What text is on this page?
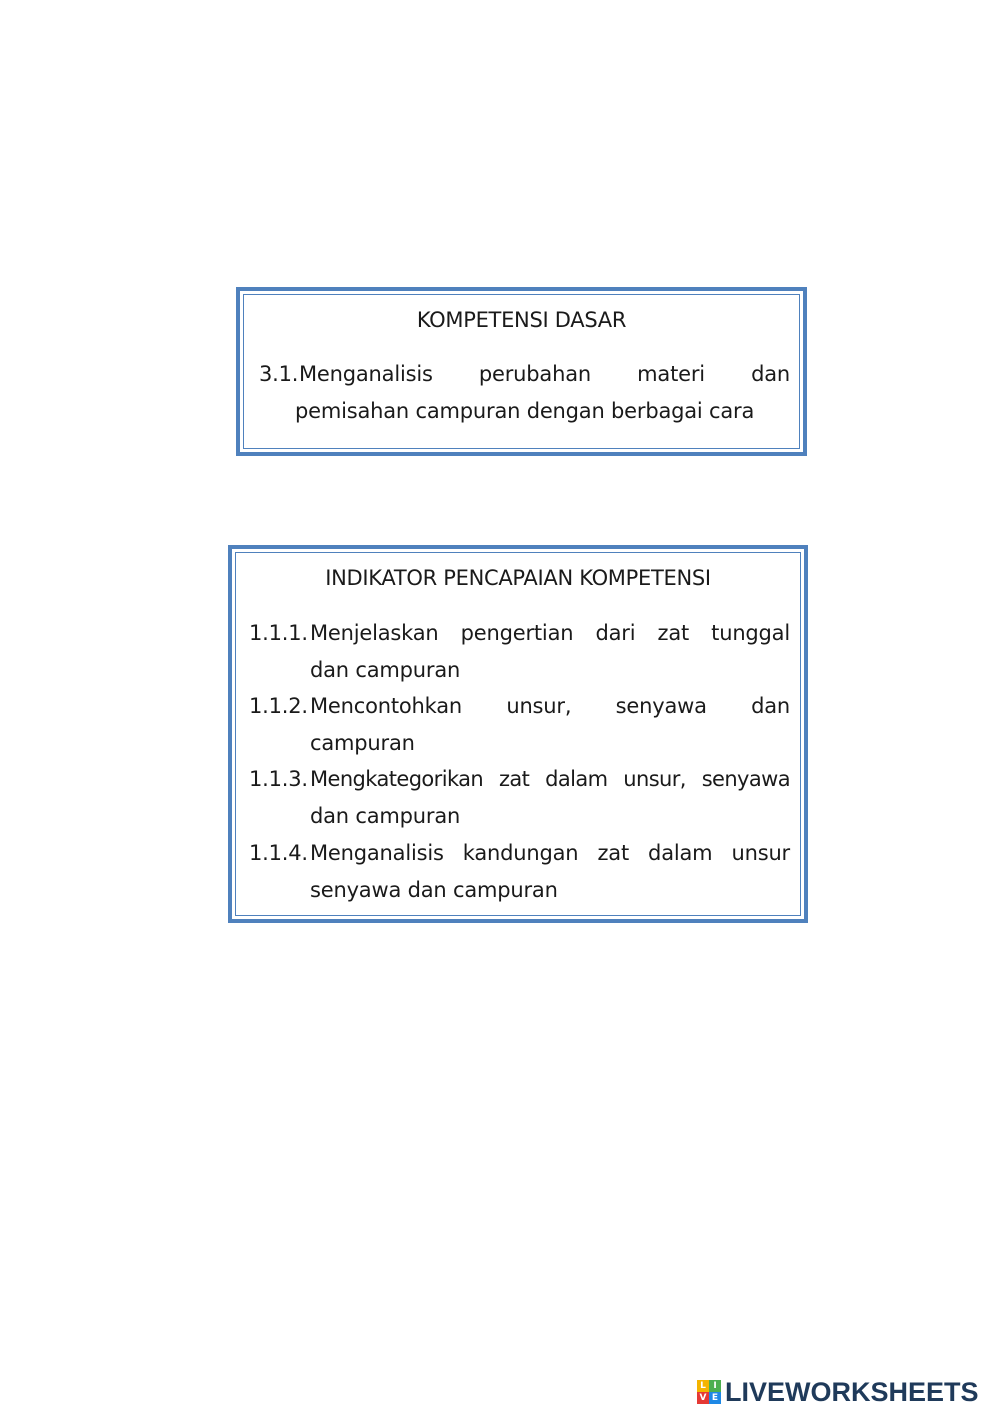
KOMPETENSI DASAR
3.1. Menganalisis perubahan materi dan
pemisahan campuran dengan berbagai cara
INDIKATOR PENCAPAIAN KOMPETENSI
1.1.1. Menjelaskan pengertian dari zat tunggal
dan campuran
1.1.2. Mencontohkan unsur, senyawa dan
campuran
1.1.3. Mengkategorikan zat dalam unsur, senyawa
dan campuran
1.1.4. Menganalisis kandungan zat dalam unsur
senyawa dan campuran
L I
V E LIVEWORKSHEETS
